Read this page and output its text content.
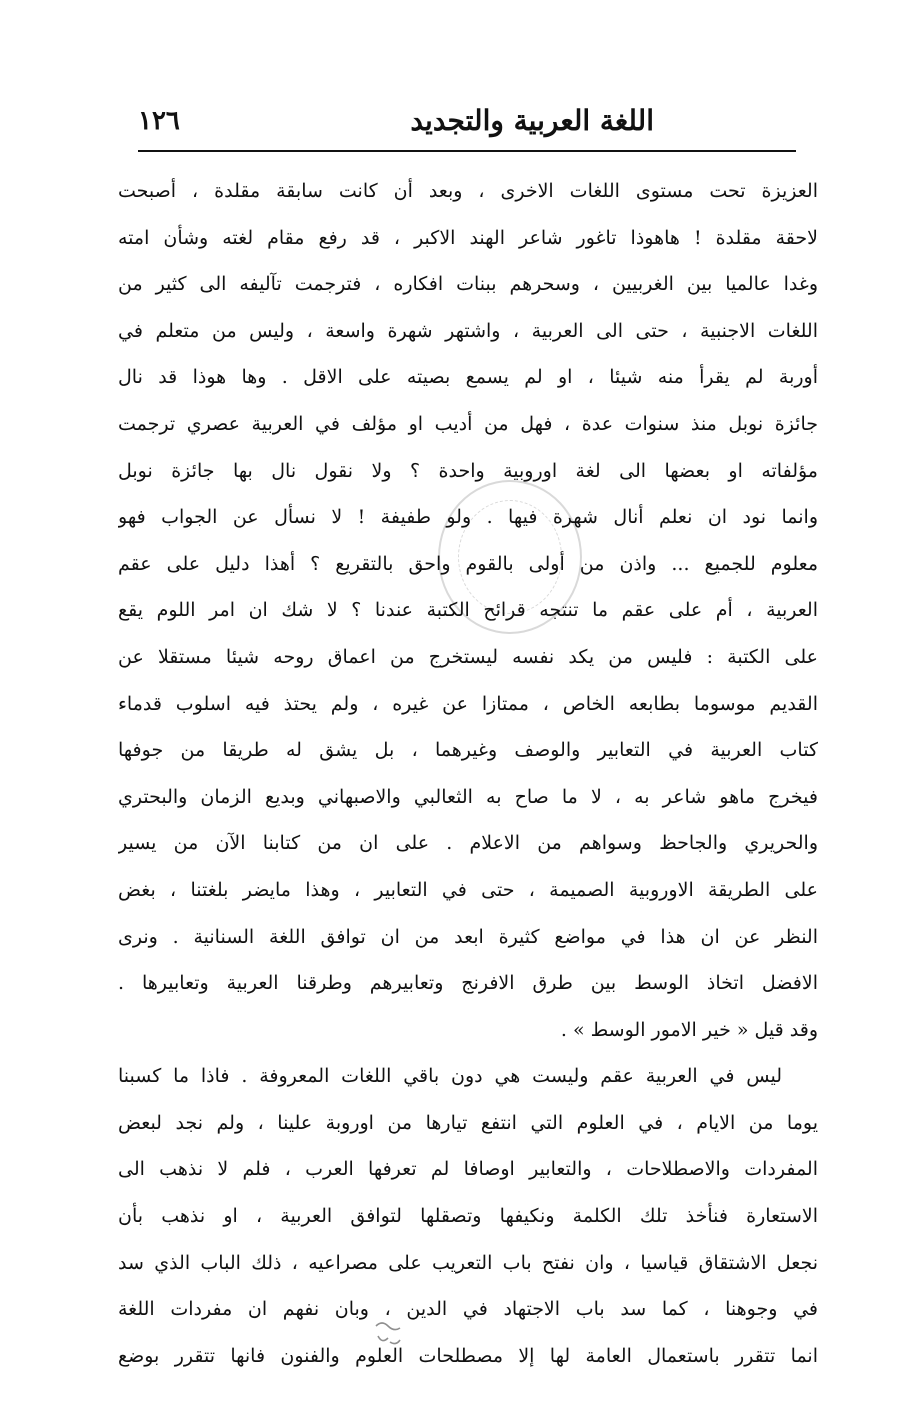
١٢٦	اللغة العربية والتجديد
العزيزة تحت مستوى اللغات الاخرى ، وبعد أن كانت سابقة مقلدة ، أصبحت
لاحقة مقلدة ! هاهوذا تاغور شاعر الهند الاكبر ، قد رفع مقام لغته وشأن امته
وغدا عالميا بين الغربيين ، وسحرهم ببنات افكاره ، فترجمت تآليفه الى كثير من
اللغات الاجنبية ، حتى الى العربية ، واشتهر شهرة واسعة ، وليس من متعلم في
أوربة لم يقرأ منه شيئا ، او لم يسمع بصيته على الاقل . وها هوذا قد نال
جائزة نوبل منذ سنوات عدة ، فهل من أديب او مؤلف في العربية عصري ترجمت
مؤلفاته او بعضها الى لغة اوروبية واحدة ؟ ولا نقول نال بها جائزة نوبل
وانما نود ان نعلم أنال شهرة فيها . ولو طفيفة ! لا نسأل عن الجواب فهو
معلوم للجميع ... واذن من أولى بالقوم واحق بالتقريع ؟ أهذا دليل على عقم
العربية ، أم على عقم ما تنتجه قرائح الكتبة عندنا ؟ لا شك ان امر اللوم يقع
على الكتبة : فليس من يكد نفسه ليستخرج من اعماق روحه شيئا مستقلا عن
القديم موسوما بطابعه الخاص ، ممتازا عن غيره ، ولم يحتذ فيه اسلوب قدماء
كتاب العربية في التعابير والوصف وغيرهما ، بل يشق له طريقا من جوفها
فيخرج ماهو شاعر به ، لا ما صاح به الثعالبي والاصبهاني وبديع الزمان والبحتري
والحريري والجاحظ وسواهم من الاعلام . على ان من كتابنا الآن من يسير
على الطريقة الاوروبية الصميمة ، حتى في التعابير ، وهذا مايضر بلغتنا ، بغض
النظر عن ان هذا في مواضع كثيرة ابعد من ان توافق اللغة السنانية . ونرى
الافضل اتخاذ الوسط بين طرق الافرنج وتعابيرهم وطرقنا العربية وتعابيرها .
وقد قيل « خير الامور الوسط » .
ليس في العربية عقم وليست هي دون باقي اللغات المعروفة . فاذا ما كسبنا
يوما من الايام ، في العلوم التي انتفع تيارها من اوروبة علينا ، ولم نجد لبعض
المفردات والاصطلاحات ، والتعابير اوصافا لم تعرفها العرب ، فلم لا نذهب الى
الاستعارة فنأخذ تلك الكلمة ونكيفها وتصقلها لتوافق العربية ، او نذهب بأن
نجعل الاشتقاق قياسيا ، وان نفتح باب التعريب على مصراعيه ، ذلك الباب الذي سد
في وجوهنا ، كما سد باب الاجتهاد في الدين ، وبان نفهم ان مفردات اللغة
انما تتقرر باستعمال العامة لها إلا مصطلحات العلوم والفنون فانها تتقرر بوضع
